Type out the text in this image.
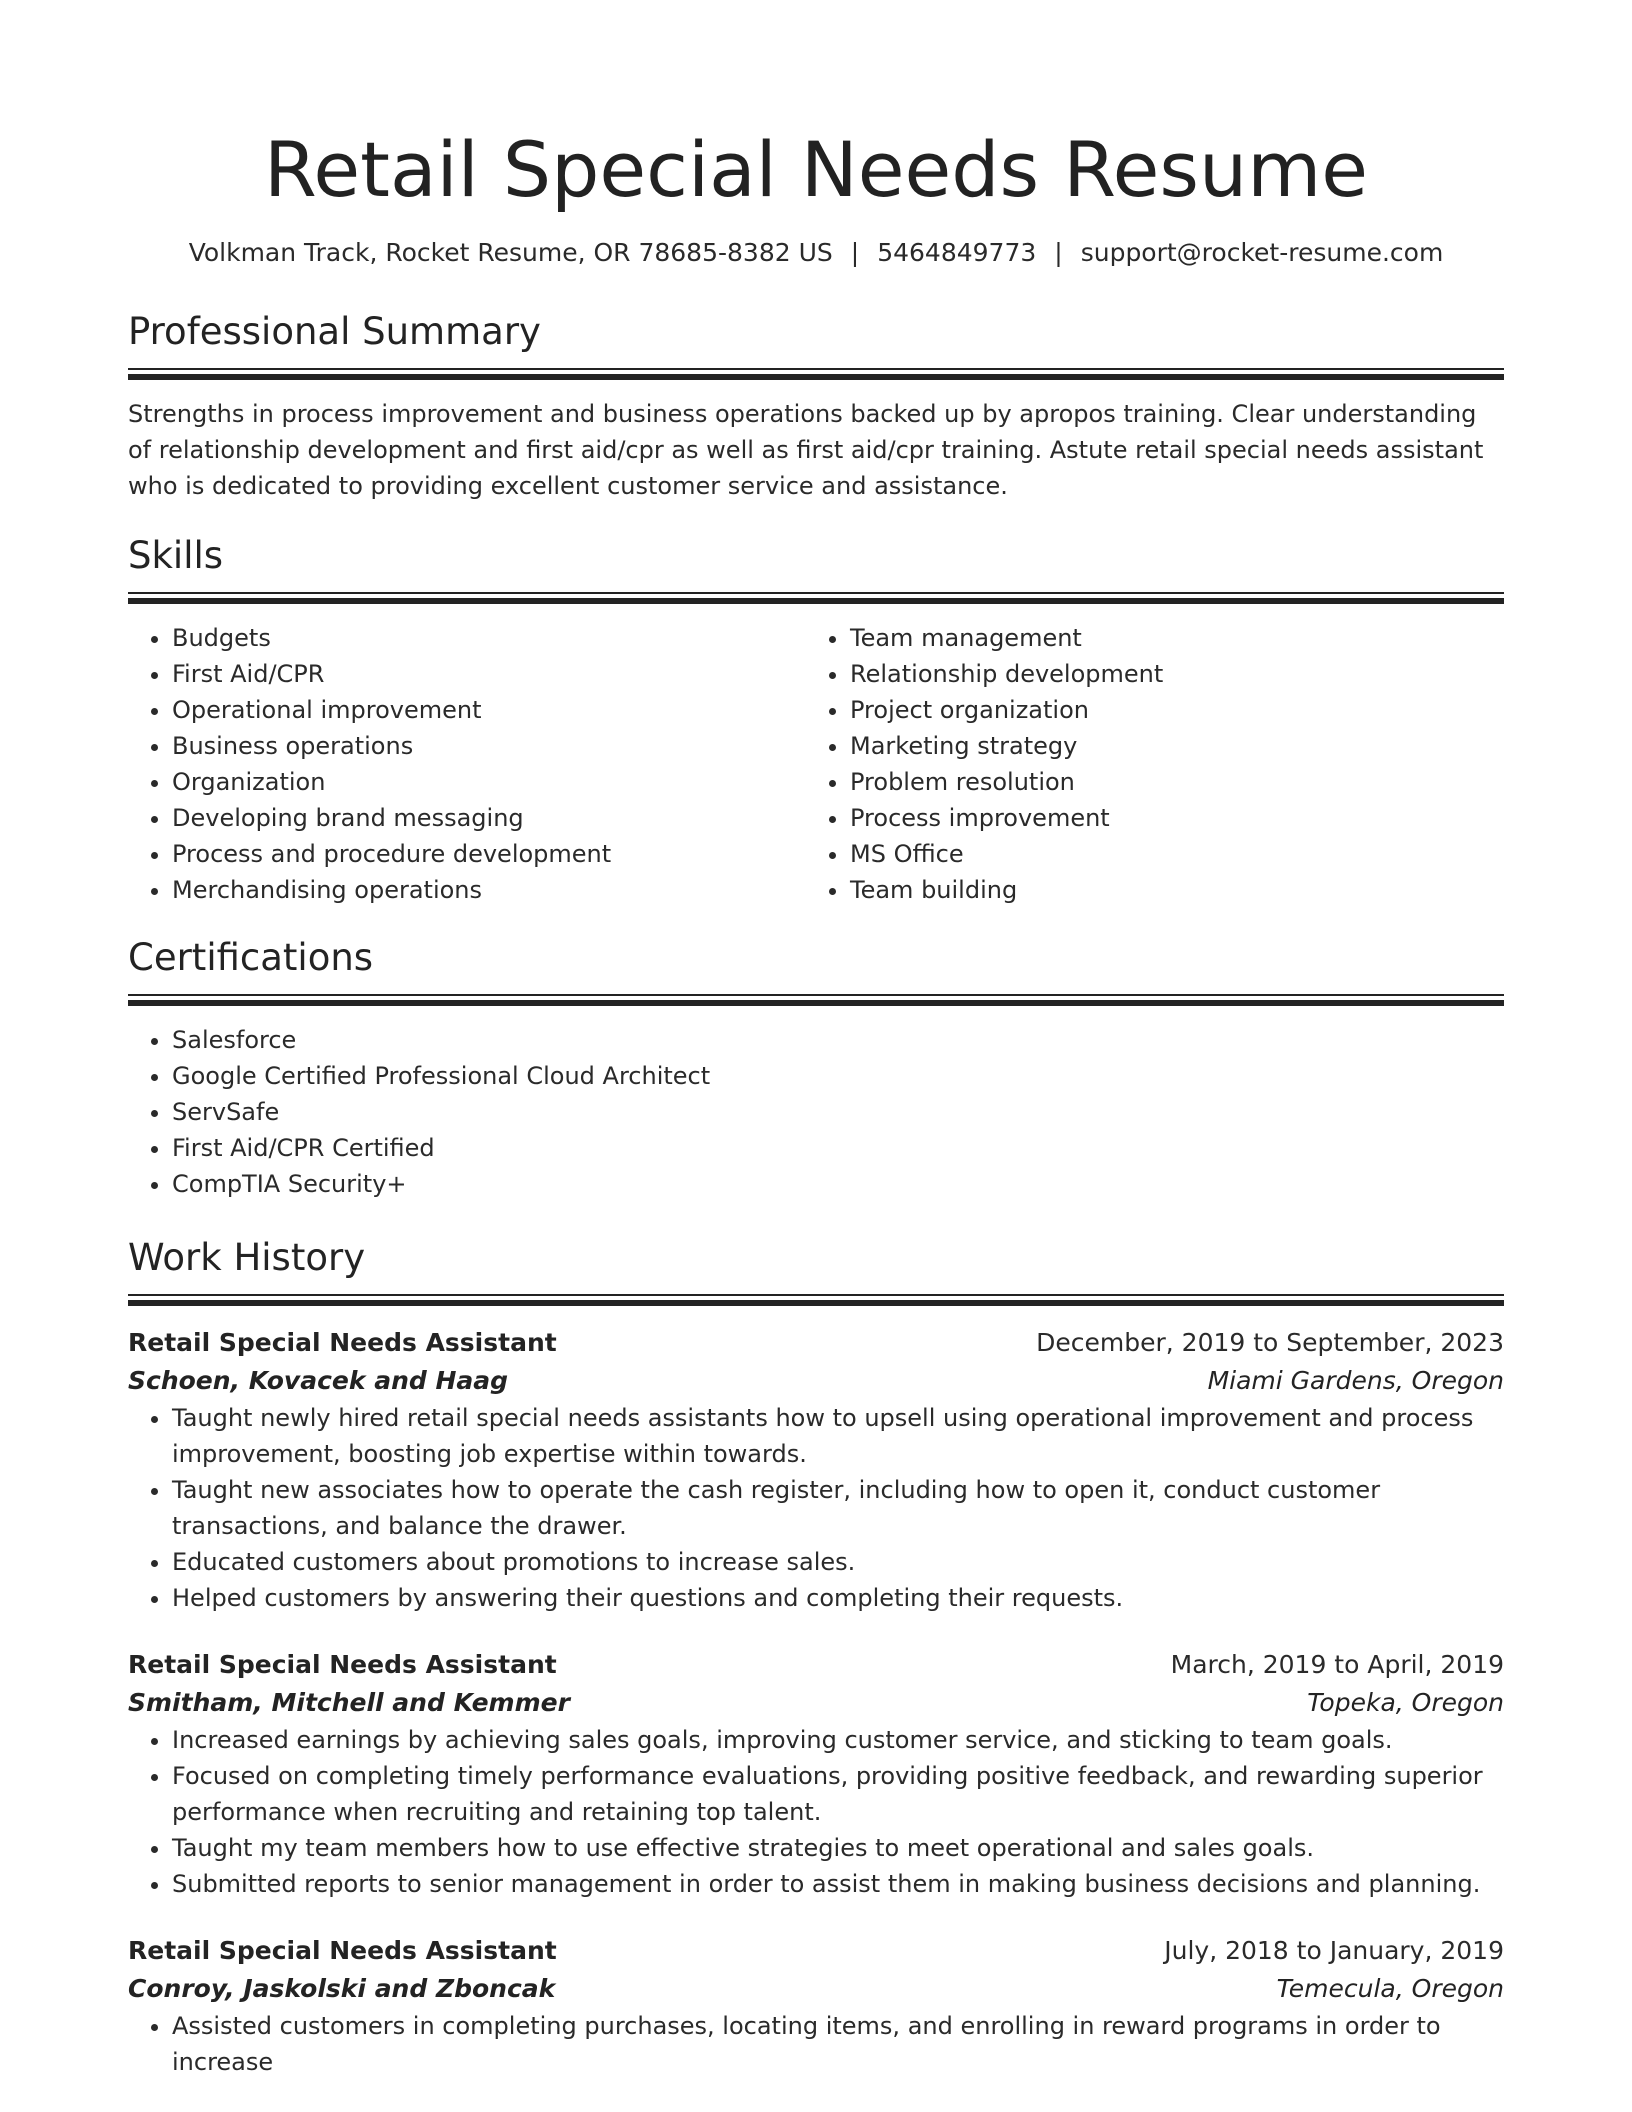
Retail Special Needs Resume
Volkman Track, Rocket Resume, OR 78685-8382 US | 5464849773 | support@rocket-resume.com
Professional Summary
Strengths in process improvement and business operations backed up by apropos training. Clear understanding of relationship development and first aid/cpr as well as first aid/cpr training. Astute retail special needs assistant who is dedicated to providing excellent customer service and assistance.
Skills
• Budgets
• First Aid/CPR
• Operational improvement
• Business operations
• Organization
• Developing brand messaging
• Process and procedure development
• Merchandising operations
• Team management
• Relationship development
• Project organization
• Marketing strategy
• Problem resolution
• Process improvement
• MS Office
• Team building
Certifications
• Salesforce
• Google Certified Professional Cloud Architect
• ServSafe
• First Aid/CPR Certified
• CompTIA Security+
Work History
Retail Special Needs Assistant	December, 2019 to September, 2023
Schoen, Kovacek and Haag	Miami Gardens, Oregon
• Taught newly hired retail special needs assistants how to upsell using operational improvement and process improvement, boosting job expertise within towards.
• Taught new associates how to operate the cash register, including how to open it, conduct customer transactions, and balance the drawer.
• Educated customers about promotions to increase sales.
• Helped customers by answering their questions and completing their requests.
Retail Special Needs Assistant	March, 2019 to April, 2019
Smitham, Mitchell and Kemmer	Topeka, Oregon
• Increased earnings by achieving sales goals, improving customer service, and sticking to team goals.
• Focused on completing timely performance evaluations, providing positive feedback, and rewarding superior performance when recruiting and retaining top talent.
• Taught my team members how to use effective strategies to meet operational and sales goals.
• Submitted reports to senior management in order to assist them in making business decisions and planning.
Retail Special Needs Assistant	July, 2018 to January, 2019
Conroy, Jaskolski and Zboncak	Temecula, Oregon
• Assisted customers in completing purchases, locating items, and enrolling in reward programs in order to increase
